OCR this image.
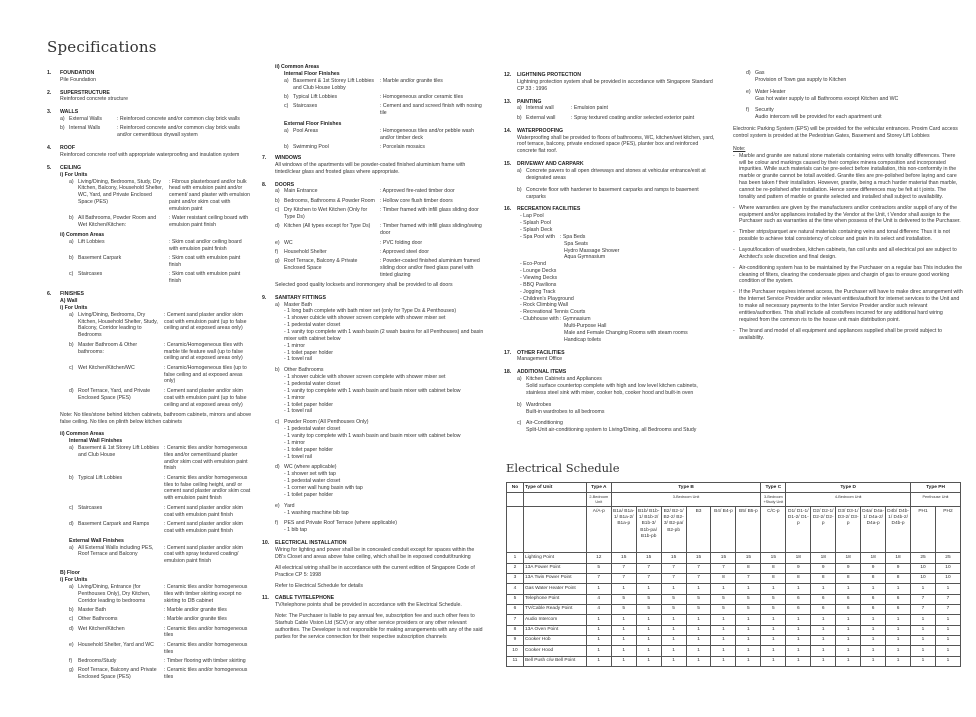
Specifications
1.	FOUNDATION
Pile Foundation
2.	SUPERSTRUCTURE
Reinforced concrete structure
3.	WALLS
a) External Walls
:	Reinforced concrete and/or common clay brick walls
b) Internal Walls
:	Reinforced concrete and/or common clay brick walls and/or cementitious drywall system
4.	ROOF
Reinforced concrete roof with appropriate waterproofing and insulation system
5.	CEILING
i) For Units
a) Living/Dining, Bedrooms, Study, Dry Kitchen, Balcony, Household Shelter, WC, Yard, and Private Enclosed Space (PES)
: Fibrous plasterboard and/or bulk head with emulsion paint and/or cement/ sand plaster with emulsion paint and/or skim coat with emulsion paint
b) All Bathrooms, Powder Room and Wet Kitchen/Kitchen:
: Water resistant ceiling board with emulsion paint finish
ii) Common Areas
a) Lift Lobbies
:	Skim coat and/or ceiling board with emulsion paint finish
b) Basement Carpark
:	Skim coat with emulsion paint finish
c) Staircases
:	Skim coat with emulsion paint finish
6.	FINISHES
A) Wall
i) For Units
a) Living/Dining, Bedrooms, Dry Kitchen, Household Shelter, Study, Balcony, Corridor leading to Bedrooms
: Cement sand plaster and/or skim coat with emulsion paint (up to false ceiling and at exposed areas only)
b) Master Bathroom & Other bathrooms:
: Ceramic/Homogeneous tiles with marble tile feature wall (up to false ceiling and at exposed areas only)
c) Wet Kitchen/Kitchen/WC
:	Ceramic/Homogeneous tiles (up to false ceiling and at exposed areas only)
d) Roof Terrace, Yard, and Private Enclosed Space (PES)
: Cement sand plaster and/or skim coat with emulsion paint (up to false ceiling and at exposed areas only)
Note: No tiles/stone behind kitchen cabinets, bathroom cabinets, mirrors and above false ceiling. No tiles on plinth below kitchen cabinets
ii) Common Areas
Internal Wall Finishes
a) Basement & 1st Storey Lift Lobbies and Club House
: Ceramic tiles and/or homogeneous tiles and/or cement/sand plaster and/or skim coat with emulsion paint finish
b) Typical Lift Lobbies
:	Ceramic tiles and/or homogeneous tiles to false ceiling height, and/ or cement sand plaster and/or skim coat with emulsion paint finish
c) Staircases
:	Cement sand plaster and/or skim coat with emulsion paint finish
d) Basement Carpark and Ramps
:	Cement sand plaster and/or skim coat with emulsion paint finish
External Wall Finishes
a) All External Walls including PES, Roof Terrace and Balcony
: Cement sand plaster and/or skim coat with spray textured coating/ emulsion paint finish
B) Floor
i) For Units
a) Living/Dining, Entrance (for Penthouses Only), Dry Kitchen, Corridor leading to bedrooms
: Ceramic tiles and/or homogeneous tiles with timber skirting except no skirting to DB cabinet
b) Master Bath
:	Marble and/or granite tiles
c) Other Bathrooms
:	Marble and/or granite tiles
d) Wet Kitchen/Kitchen
:	Ceramic tiles and/or homogeneous tiles
e) Household Shelter, Yard and WC
:	Ceramic tiles and/or homogeneous tiles
f)	Bedrooms/Study
:	Timber flooring with timber skirting
g) Roof Terrace, Balcony and Private Enclosed Space (PES)
: Ceramic tiles and/or homogeneous tiles
ii) Common Areas
Internal Floor Finishes
a) Basement & 1st Storey Lift Lobbies and Club House Lobby
: Marble and/or granite tiles
b) Typical Lift Lobbies
:	Homogeneous and/or ceramic tiles
c) Staircases
:	Cement and sand screed finish with nosing tile
External Floor Finishes
a) Pool Areas
:	Homogeneous tiles and/or pebble wash and/or timber deck
b) Swimming Pool
:	Porcelain mosaics
7.	WINDOWS
All windows of the apartments will be powder-coated finished aluminium frame with tinted/clear glass and frosted glass where appropriate.
8.	DOORS
a) Main Entrance
:	Approved fire-rated timber door
b) Bedrooms, Bathrooms & Powder Room
:	Hollow core flush timber doors
c) Dry Kitchen to Wet Kitchen (Only for Type Ds)
: Timber framed with infill glass sliding door
d) Kitchen (All types except for Type Ds)
:	Timber framed with infill glass sliding/swing door
e) WC
:	PVC folding door
f)	Household Shelter
:	Approved steel door
g) Roof Terrace, Balcony & Private Enclosed Space
: Powder-coated finished aluminium framed sliding door and/or fixed glass panel with tinted glazing
Selected good quality locksets and ironmongery shall be provided to all doors
9.	SANITARY FITTINGS
a) Master Bath
- 1 long bath complete with bath mixer set (only for Type Ds & Penthouses)
- 1 shower cubicle with shower screen complete with shower mixer set
- 1 pedestal water closet
- 1 vanity top complete with 1 wash basin (2 wash basins for all Penthouses) and basin mixer with cabinet below
- 1 mirror
- 1 toilet paper holder
- 1 towel rail
b) Other Bathrooms
- 1 shower cubicle with shower screen complete with shower mixer set
- 1 pedestal water closet
- 1 vanity top complete with 1 wash basin and basin mixer with cabinet below
- 1 mirror
- 1 toilet paper holder
- 1 towel rail
c) Powder Room (All Penthouses Only)
- 1 pedestal water closet
- 1 vanity top complete with 1 wash basin and basin mixer with cabinet below
- 1 mirror
- 1 toilet paper holder
- 1 towel rail
d) WC (where applicable)
- 1 shower set with tap
- 1 pedestal water closet
- 1 corner wall hung basin with tap
- 1 toilet paper holder
e) Yard
- 1 washing machine bib tap
f)	PES and Private Roof Terrace (where applicable)
- 1 bib tap
10.	ELECTRICAL INSTALLATION
Wiring for lighting and power shall be in concealed conduit except for spaces within the DB's Closet and areas above false ceiling, which shall be in exposed conduit/trunking
All electrical wiring shall be in accordance with the current edition of Singapore Code of Practice CP 5: 1998
Refer to Electrical Schedule for details
11.	CABLE TV/TELEPHONE
TV/telephone points shall be provided in accordance with the Electrical Schedule.
Note: The Purchaser is liable to pay annual fee, subscription fee and such other fees to Starhub Cable Vision Ltd (SCV) or any other service providers or any other relevant authorities. The Developer is not responsible for making arrangements with any of the said parties for the service connection for their respective subscription channels
12.	LIGHTNING PROTECTION
Lightning protection system shall be provided in accordance with Singapore Standard CP 33 : 1996
13.	PAINTING
a) Internal wall
:	Emulsion paint
b) External wall
:	Spray textured coating and/or selected exterior paint
14.	WATERPROOFING
Waterproofing shall be provided to floors of bathrooms, WC, kitchen/wet kitchen, yard, roof terrace, balcony, private enclosed space (PES), planter box and reinforced concrete flat roof.
15.	DRIVEWAY AND CARPARK
a) Concrete pavers to all open driveways and stones at vehicular entrance/exit at designated areas
b) Concrete floor with hardener to basement carparks and ramps to basement carparks
16.	RECREATION FACILITIES
- Lap Pool
- Splash Pool
- Splash Deck
- Spa Pool with : Spa Beds
Spa Seats
Hydro Massage Shower
Aqua Gymnasium
- Eco-Pond
- Lounge Decks
- Viewing Decks
- BBQ Pavilions
- Jogging Track
- Children's Playground
- Rock Climbing Wall
- Recreational Tennis Courts
- Clubhouse with : Gymnasium
Multi-Purpose Hall
Male and Female Changing Rooms with steam rooms
Handicap toilets
17.	OTHER FACILITIES
Management Office
18.	ADDITIONAL ITEMS
a) Kitchen Cabinets and Appliances
Solid surface countertop complete with high and low level kitchen cabinets, stainless steel sink with mixer, cooker hob, cooker hood and built-in oven
b) Wardrobes
Built-in wardrobes to all bedrooms
c) Air-Conditioning
Split-Unit air-conditioning system to Living/Dining, all Bedrooms and Study
d) Gas
Provision of Town gas supply to Kitchen
e) Water Heater
Gas hot water supply to all Bathrooms except Kitchen and WC
f)	Security
Audio intercom will be provided for each apartment unit
Electronic Parking System (EPS) will be provided for the vehicular entrances. Proxim Card access control system is provided at the Pedestrian Gates, Basement and Storey Lift Lobbies
Note:
- Marble and granite are natural stone materials containing veins with tonality differences. There will be colour and markings caused by their complex minera composition and incorporated impurities. While such materials can be pre-select before installation, this non-conformity in the marble or granite cannot be totall avoided. Granite tiles are pre-polished before laying and care has been taken f their installation. However, granite, being a much harder material than marble, cannot be re-polished after installation. Hence some differences may be felt at t joints. The tonality and pattern of marble or granite selected and installed shall subject to availability.
- Where warranties are given by the manufacturers and/or contractors and/or suppli of any of the equipment and/or appliances installed by the Vendor at the Unit, t Vendor shall assign to the Purchaser such as warranties at the time when possess of the Unit is delivered to the Purchaser.
- Timber strips/parquet are natural materials containing veins and tonal differenc Thus it is not possible to achieve total consistency of colour and grain in its select and installation.
- Layout/location of wardrobes, kitchen cabinets, fan coil units and all electrical poi are subject to Architect's sole discretion and final design.
- Air-conditioning system has to be maintained by the Purchaser on a regular bas This includes the cleaning of filters, clearing the condensate pipes and chargin of gas to ensure good working condition of the system.
- If the Purchaser requires internet access, the Purchaser will have to make direc arrangement with the Internet Service Provider and/or relevant entities/authorit for internet services to the Unit and to make all necessary payments to the Inter Service Provider and/or such relevant entities/authorities. This shall include all costs/fees incurred for any additional hard wiring required from the common ris to the house unit main distribution point.
- The brand and model of all equipment and appliances supplied shall be provid subject to availability.
Electrical Schedule
No	Type of Unit	Type A	Type B	Type C	Type D	Type PH
		2-Bedroom Unit	3-Bedroom Unit	3-Bedroom +Study Unit	4-Bedroom Unit	Penthouse Unit
		A/A-p	B1a/ B1a-1/ B1a-2/ B1a-p	B1b/ B1b-1/ B1b-2/ B1b-3/ B1b-pa/ B1b-pb	B2/ B2-1/ B2-2/ B2-3/ B2-pa/ B2-pb	B3	B4/ B4-p	B5/ B5-p	C/C-p	D1/ D1-1/ D1-2/ D1-p	D2/ D2-1/ D2-2/ D2-p	D3/ D3-1/ D3-2/ D3-p	D4a/ D4a-1/ D4a-2/ D4a-p	D4b/ D4b-1/ D4b-2/ D4b-p	PH1	PH2
1	Lighting Point	12	15	15	15	15	15	15	15	18	18	18	18	18	25	25
2	13A Power Point	5	7	7	7	7	7	8	8	9	9	9	9	9	10	10
3	13A Twin Power Point	7	7	7	7	7	8	7	8	8	8	8	8	8	10	10
4	Gas Water Heater Point	1	1	1	1	1	1	1	1	1	1	1	1	1	1	1
5	Telephone Point	4	5	5	5	5	5	5	5	6	6	6	6	6	7	7
6	TV/Cable Ready Point	4	5	5	5	5	5	5	5	6	6	6	6	6	7	7
7	Audio Intercom	1	1	1	1	1	1	1	1	1	1	1	1	1	1	1
8	13A Oven Point	1	1	1	1	1	1	1	1	1	1	1	1	1	1	1
9	Cooker Hob	1	1	1	1	1	1	1	1	1	1	1	1	1	1	1
10	Cooker Hood	1	1	1	1	1	1	1	1	1	1	1	1	1	1	1
11	Bell Push c/w Bell Point	1	1	1	1	1	1	1	1	1	1	1	1	1	1	1
